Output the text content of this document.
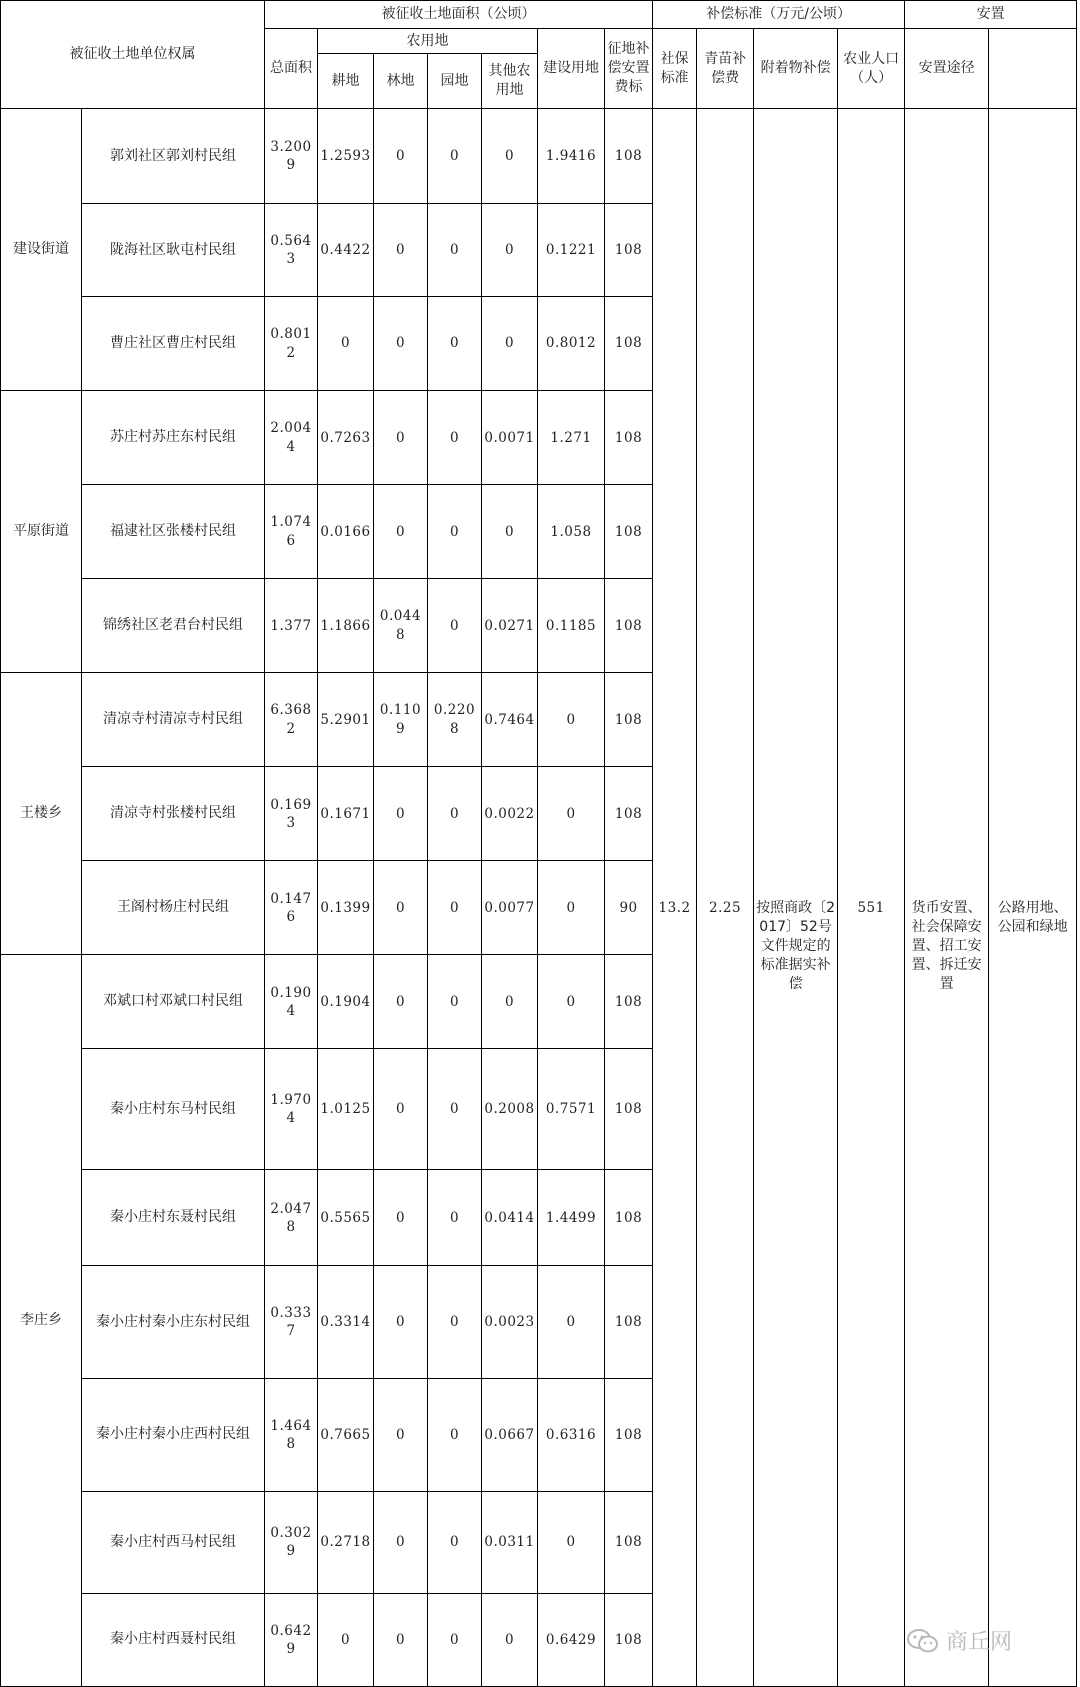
被征收土地单位权属		被征收土地面积（公顷）							补偿标准（万元/公顷）				安置	
		总面积	农用地				建设用地	征地补偿安置费标	社保标准	青苗补偿费	附着物补偿	农业人口（人）	安置途径		
			耕地	林地	园地	其他农用地									

建设街道	郭刘社区郭刘村民组	3.2009	1.2593	0	0	0	1.9416	108	13.2	2.25	按照商政〔2017〕52号文件规定的标准据实补偿	551	货币安置、社会保障安置、招工安置、拆迁安置	公路用地、公园和绿地	

	陇海社区耿屯村民组	0.5643	0.4422	0	0	0	0.1221	108							
	曹庄社区曹庄村民组	0.8012	0	0	0	0	0.8012	108							
平原街道	苏庄村苏庄东村民组	2.0044	0.7263	0	0	0.0071	1.271	108							
	福逮社区张楼村民组	1.0746	0.0166	0	0	0	1.058	108							
	锦绣社区老君台村民组	1.377	1.1866	0.0448	0	0.0271	0.1185	108							
王楼乡	清凉寺村清凉寺村民组	6.3682	5.2901	0.1109	0.2208	0.7464	0	108							
	清凉寺村张楼村民组	0.1693	0.1671	0	0	0.0022	0	108							
	王阁村杨庄村民组	0.1476	0.1399	0	0	0.0077	0	90							
李庄乡	邓斌口村邓斌口村民组	0.1904	0.1904	0	0	0	0	108							
	秦小庄村东马村民组	1.9704	1.0125	0	0	0.2008	0.7571	108							
	秦小庄村东聂村民组	2.0478	0.5565	0	0	0.0414	1.4499	108							
	秦小庄村秦小庄东村民组	0.3337	0.3314	0	0	0.0023	0	108							
	秦小庄村秦小庄西村民组	1.4648	0.7665	0	0	0.0667	0.6316	108							
	秦小庄村西马村民组	0.3029	0.2718	0	0	0.0311	0	108							
	秦小庄村西聂村民组	0.6429	0	0	0	0	0.6429	108								商丘网
